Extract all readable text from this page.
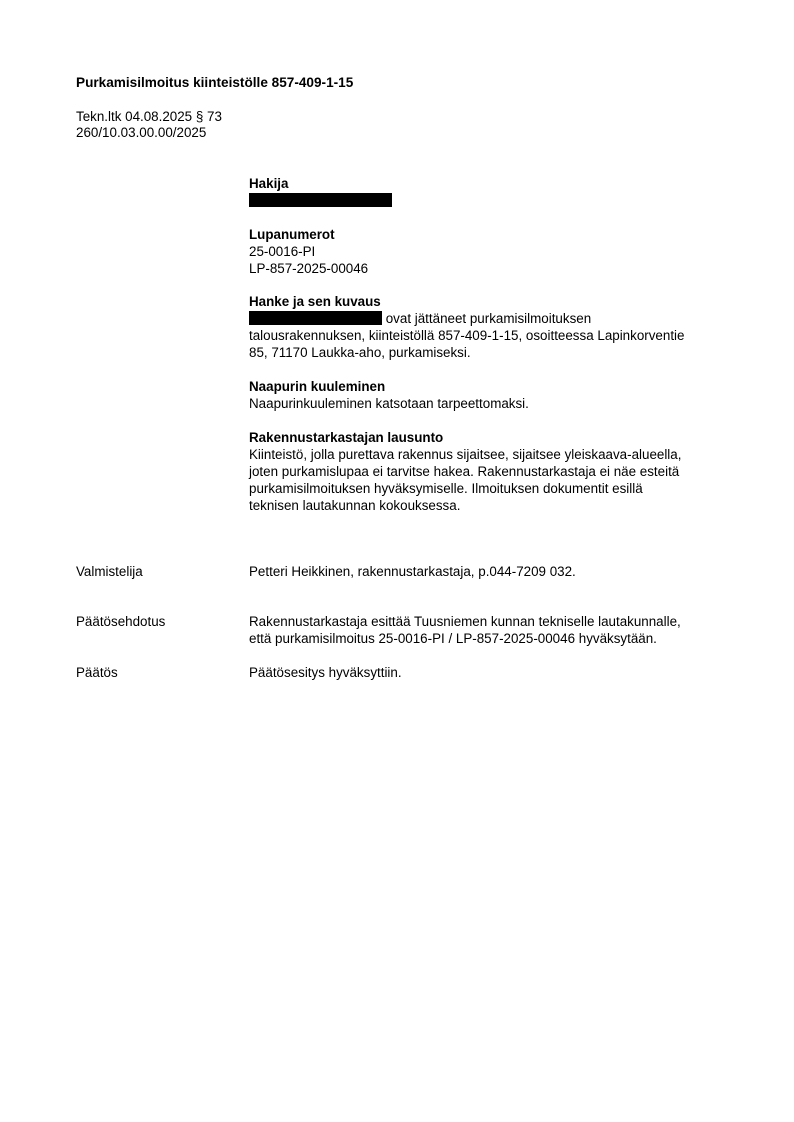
Purkamisilmoitus kiinteistölle 857-409-1-15
Tekn.ltk 04.08.2025 § 73
260/10.03.00.00/2025
Hakija
Lupanumerot
25-0016-PI
LP-857-2025-00046
Hanke ja sen kuvaus
ovat jättäneet purkamisilmoituksen
talousrakennuksen, kiinteistöllä 857-409-1-15, osoitteessa Lapinkorventie
85, 71170 Laukka-aho, purkamiseksi.
Naapurin kuuleminen
Naapurinkuuleminen katsotaan tarpeettomaksi.
Rakennustarkastajan lausunto
Kiinteistö, jolla purettava rakennus sijaitsee, sijaitsee yleiskaava-alueella,
joten purkamislupaa ei tarvitse hakea. Rakennustarkastaja ei näe esteitä
purkamisilmoituksen hyväksymiselle. Ilmoituksen dokumentit esillä
teknisen lautakunnan kokouksessa.
Valmistelija	Petteri Heikkinen, rakennustarkastaja, p.044-7209 032.
Päätösehdotus	Rakennustarkastaja esittää Tuusniemen kunnan tekniselle lautakunnalle,
että purkamisilmoitus 25-0016-PI / LP-857-2025-00046 hyväksytään.
Päätös	Päätösesitys hyväksyttiin.
